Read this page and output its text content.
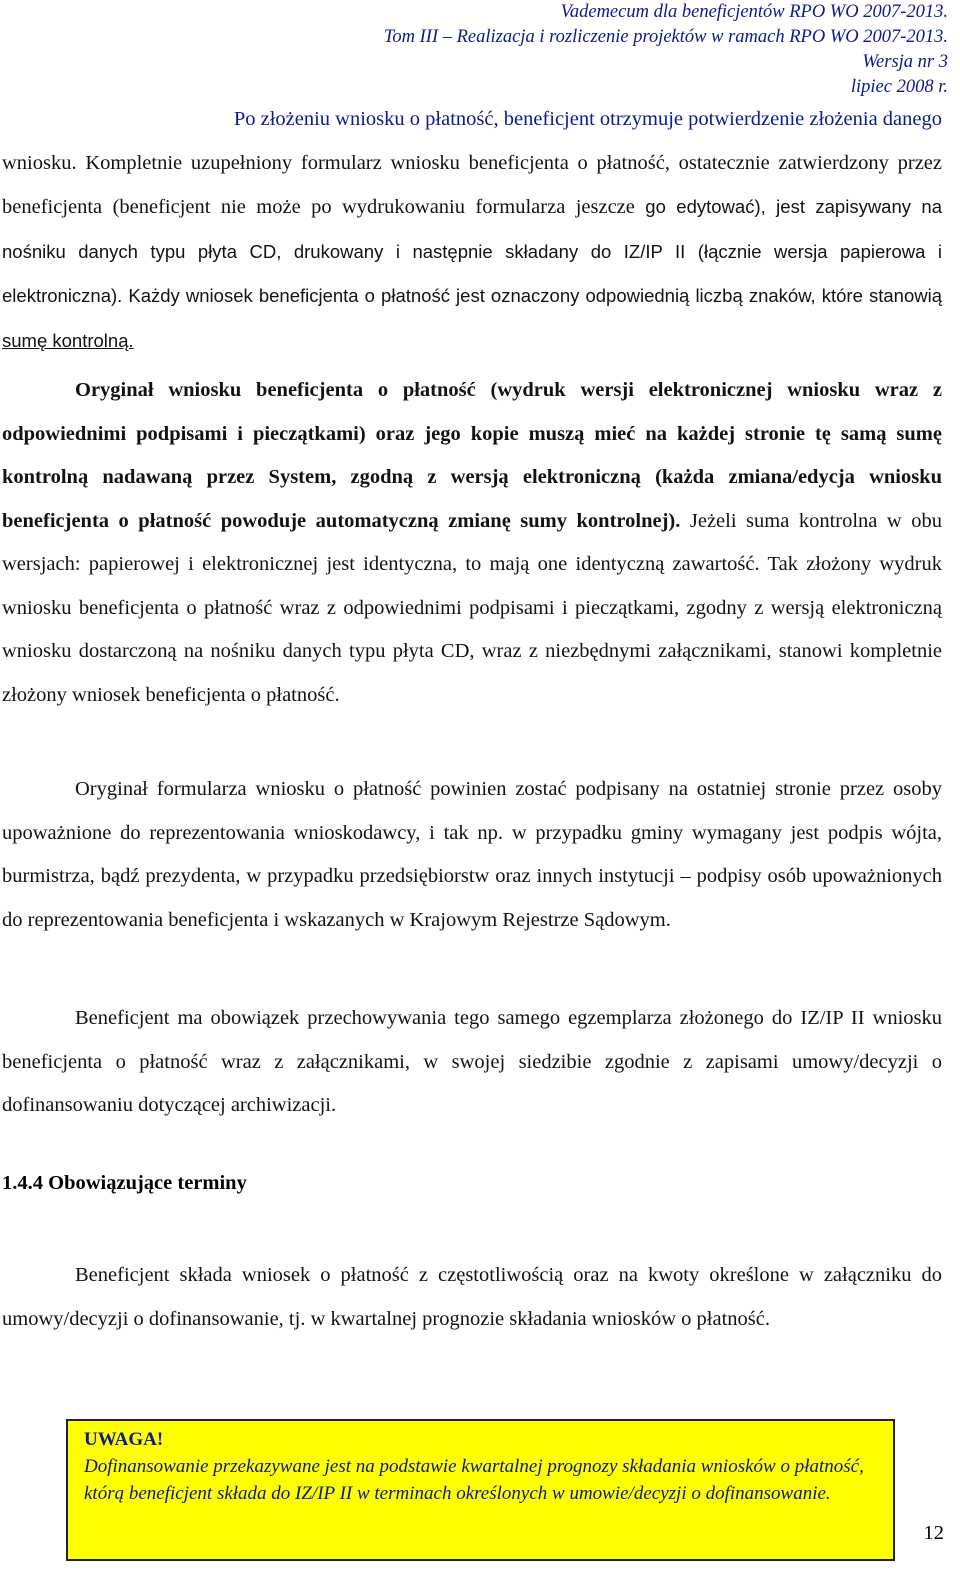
Vademecum dla beneficjentów RPO WO 2007-2013.
Tom III – Realizacja i rozliczenie projektów w ramach RPO WO 2007-2013.
Wersja nr 3
lipiec 2008 r.
Po złożeniu wniosku o płatność, beneficjent otrzymuje potwierdzenie złożenia danego
wniosku. Kompletnie uzupełniony formularz wniosku beneficjenta o płatność, ostatecznie zatwierdzony przez beneficjenta (beneficjent nie może po wydrukowaniu formularza jeszcze go edytować), jest zapisywany na nośniku danych typu płyta CD, drukowany i następnie składany do IZ/IP II (łącznie wersja papierowa i elektroniczna). Każdy wniosek beneficjenta o płatność jest oznaczony odpowiednią liczbą znaków, które stanowią sumę kontrolną.
Oryginał wniosku beneficjenta o płatność (wydruk wersji elektronicznej wniosku wraz z odpowiednimi podpisami i pieczątkami) oraz jego kopie muszą mieć na każdej stronie tę samą sumę kontrolną nadawaną przez System, zgodną z wersją elektroniczną (każda zmiana/edycja wniosku beneficjenta o płatność powoduje automatyczną zmianę sumy kontrolnej). Jeżeli suma kontrolna w obu wersjach: papierowej i elektronicznej jest identyczna, to mają one identyczną zawartość. Tak złożony wydruk wniosku beneficjenta o płatność wraz z odpowiednimi podpisami i pieczątkami, zgodny z wersją elektroniczną wniosku dostarczoną na nośniku danych typu płyta CD, wraz z niezbędnymi załącznikami, stanowi kompletnie złożony wniosek beneficjenta o płatność.
Oryginał formularza wniosku o płatność powinien zostać podpisany na ostatniej stronie przez osoby upoważnione do reprezentowania wnioskodawcy, i tak np. w przypadku gminy wymagany jest podpis wójta, burmistrza, bądź prezydenta, w przypadku przedsiębiorstw oraz innych instytucji – podpisy osób upoważnionych do reprezentowania beneficjenta i wskazanych w Krajowym Rejestrze Sądowym.
Beneficjent ma obowiązek przechowywania tego samego egzemplarza złożonego do IZ/IP II wniosku beneficjenta o płatność wraz z załącznikami, w swojej siedzibie zgodnie z zapisami umowy/decyzji o dofinansowaniu dotyczącej archiwizacji.
1.4.4 Obowiązujące terminy
Beneficjent składa wniosek o płatność z częstotliwością oraz na kwoty określone w załączniku do umowy/decyzji o dofinansowanie, tj. w kwartalnej prognozie składania wniosków o płatność.
UWAGA!
Dofinansowanie przekazywane jest na podstawie kwartalnej prognozy składania wniosków o płatność, którą beneficjent składa do IZ/IP II w terminach określonych w umowie/decyzji o dofinansowanie.
12
